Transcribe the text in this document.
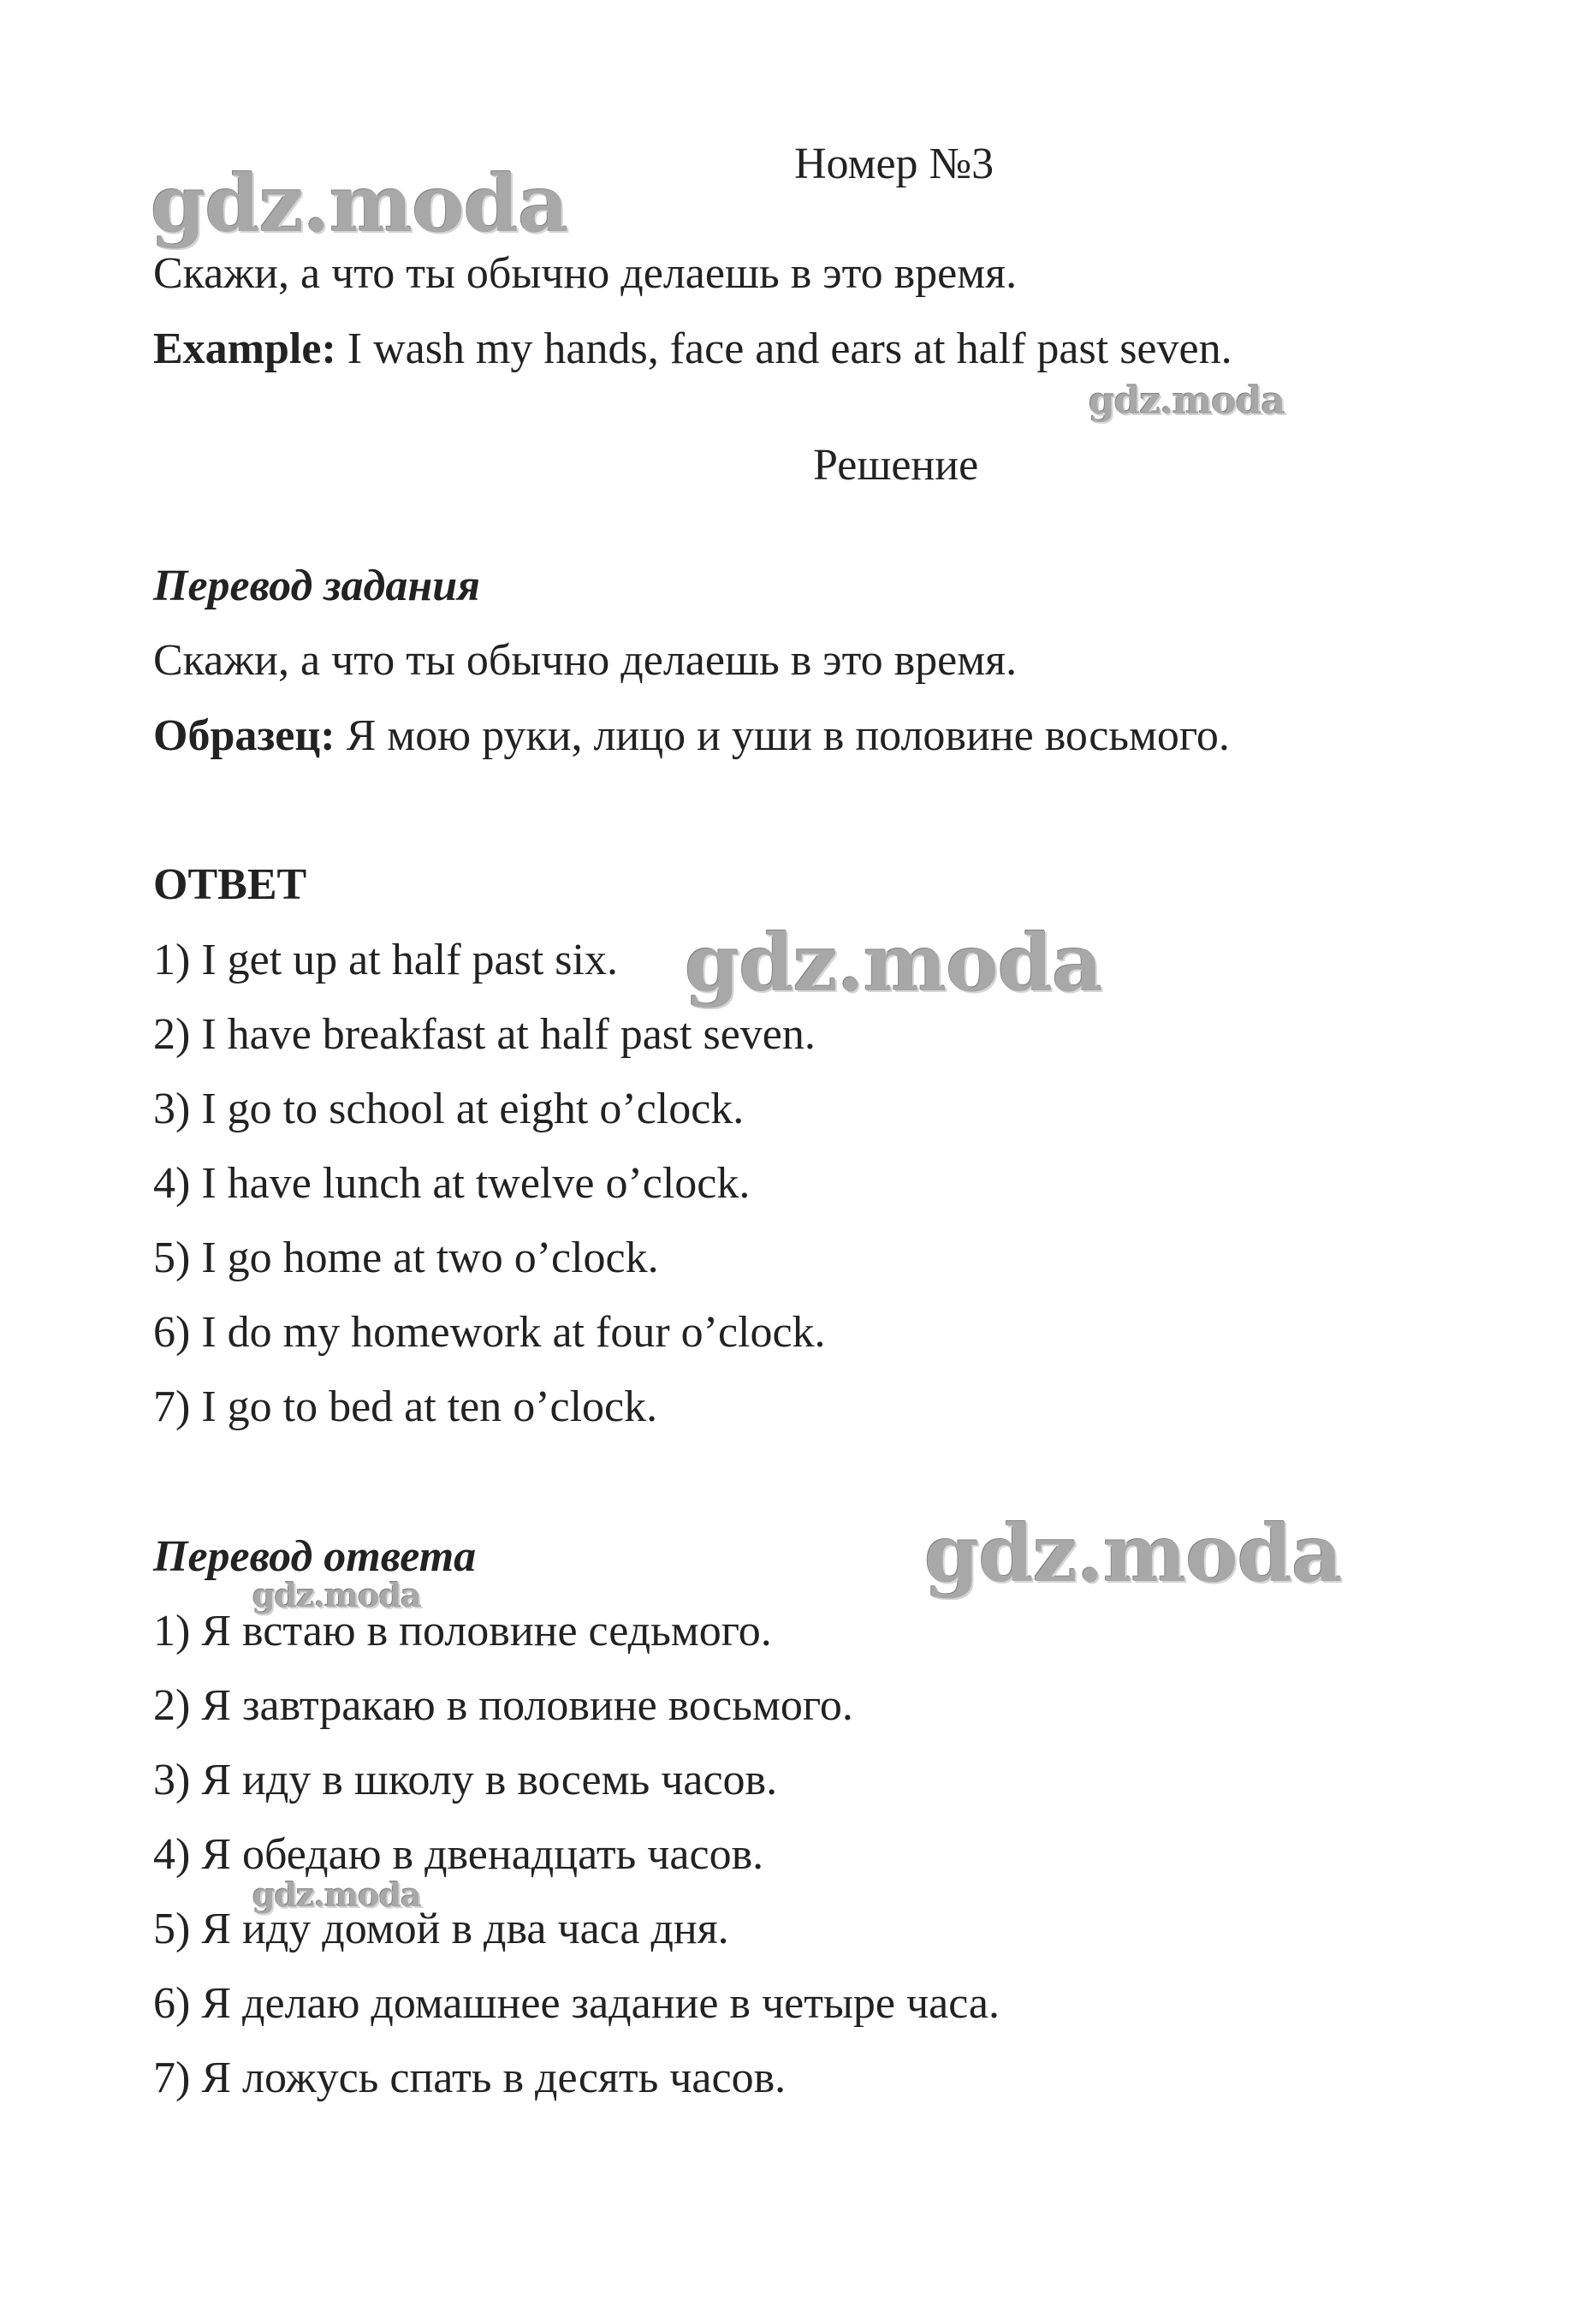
gdz.moda
gdz.moda
gdz.moda
gdz.moda
gdz.moda
gdz.moda
Номер №3
Скажи, а что ты обычно делаешь в это время.
Example: I wash my hands, face and ears at half past seven.
Решение
Перевод задания
Скажи, а что ты обычно делаешь в это время.
Образец: Я мою руки, лицо и уши в половине восьмого.
ОТВЕТ
1) I get up at half past six.
2) I have breakfast at half past seven.
3) I go to school at eight o’clock.
4) I have lunch at twelve o’clock.
5) I go home at two o’clock.
6) I do my homework at four o’clock.
7) I go to bed at ten o’clock.
Перевод ответа
1) Я встаю в половине седьмого.
2) Я завтракаю в половине восьмого.
3) Я иду в школу в восемь часов.
4) Я обедаю в двенадцать часов.
5) Я иду домой в два часа дня.
6) Я делаю домашнее задание в четыре часа.
7) Я ложусь спать в десять часов.
